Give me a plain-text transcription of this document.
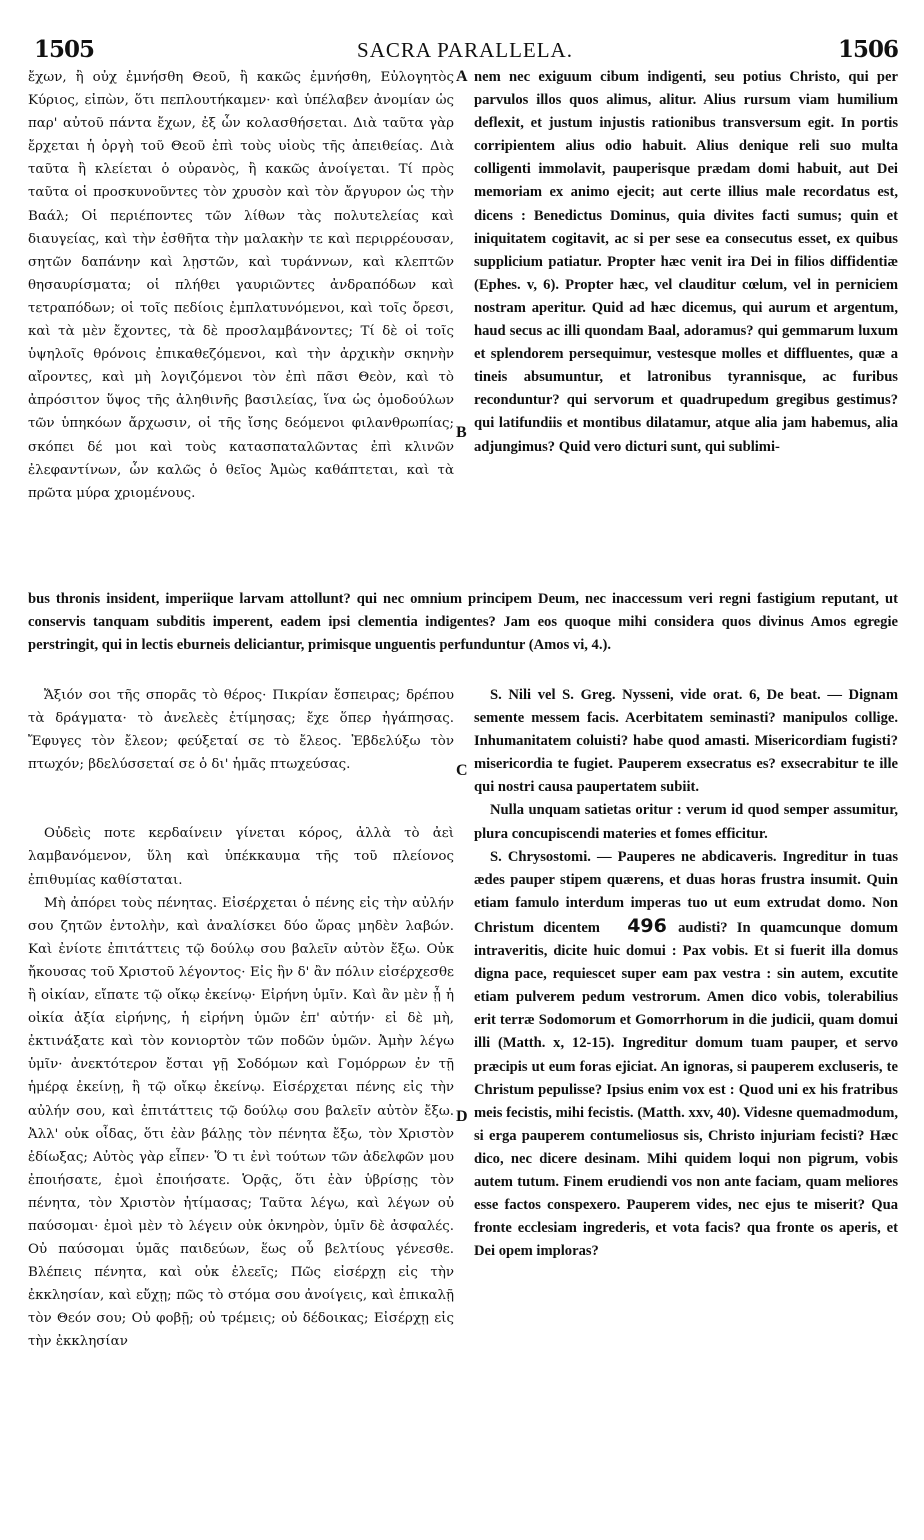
1505	SACRA PARALLELA.	1506

ἔχων, ἢ οὐχ ἐμνήσθη Θεοῦ, ἢ κακῶς ἐμνήσθη, Εὐλογητὸς Κύριος, εἰπὼν, ὅτι πεπλουτήκαμεν· καὶ ὑπέλαβεν ἀνομίαν ὡς παρ' αὐτοῦ πάντα ἔχων, ἐξ ὧν κολασθήσεται. Διὰ ταῦτα γὰρ ἔρχεται ἡ ὀργὴ τοῦ Θεοῦ ἐπὶ τοὺς υἱοὺς τῆς ἀπειθείας. Διὰ ταῦτα ἢ κλείεται ὁ οὐρανὸς, ἢ κακῶς ἀνοίγεται. Τί πρὸς ταῦτα οἱ προσκυνοῦντες τὸν χρυσὸν καὶ τὸν ἄργυρον ὡς τὴν Βαάλ; Οἱ περιέποντες τῶν λίθων τὰς πολυτελείας καὶ διαυγείας, καὶ τὴν ἐσθῆτα τὴν μαλακὴν τε καὶ περιρρέουσαν, σητῶν δαπάνην καὶ λῃστῶν, καὶ τυράννων, καὶ κλεπτῶν θησαυρίσματα; οἱ πλήθει γαυριῶντες ἀνδραπόδων καὶ τετραπόδων; οἱ τοῖς πεδίοις ἐμπλατυνόμενοι, καὶ τοῖς ὄρεσι, καὶ τὰ μὲν ἔχοντες, τὰ δὲ προσλαμβάνοντες; Τί δὲ οἱ τοῖς ὑψηλοῖς θρόνοις ἐπικαθεζόμενοι, καὶ τὴν ἀρχικὴν σκηνὴν αἴροντες, καὶ μὴ λογιζόμενοι τὸν ἐπὶ πᾶσι Θεὸν, καὶ τὸ ἀπρόσιτον ὕψος τῆς ἀληθινῆς βασιλείας, ἵνα ὡς ὁμοδούλων τῶν ὑπηκόων ἄρχωσιν, οἱ τῆς ἴσης δεόμενοι φιλανθρωπίας; σκόπει δέ μοι καὶ τοὺς κατασπαταλῶντας ἐπὶ κλινῶν ἐλεφαντίνων, ὧν καλῶς ὁ θεῖος Ἀμὼς καθάπτεται, καὶ τὰ πρῶτα μύρα χριομένους.

nem nec exiguum cibum indigenti, seu potius Christo, qui per parvulos illos quos alimus, alitur. Alius rursum viam humilium deflexit, et justum injustis rationibus transversum egit. In portis corripientem alius odio habuit. Alius denique reli suo multa colligenti immolavit, pauperisque prædam domi habuit, aut Dei memoriam ex animo ejecit; aut certe illius male recordatus est, dicens : Benedictus Dominus, quia divites facti sumus; quin et iniquitatem cogitavit, ac si per sese ea consecutus esset, ex quibus supplicium patiatur. Propter hæc venit ira Dei in filios diffidentiæ (Ephes. v, 6). Propter hæc, vel clauditur cœlum, vel in perniciem nostram aperitur. Quid ad hæc dicemus, qui aurum et argentum, haud secus ac illi quondam Baal, adoramus? qui gemmarum luxum et splendorem persequimur, vestesque molles et diffluentes, quæ a tineis absumuntur, et latronibus tyrannisque, ac furibus reconduntur? qui servorum et quadrupedum gregibus gestimus? qui latifundiis et montibus dilatamur, atque alia jam habemus, alia adjungimus? Quid vero dicturi sunt, qui sublimi-

bus thronis insident, imperiique larvam attollunt? qui nec omnium principem Deum, nec inaccessum veri regni fastigium reputant, ut conservis tanquam subditis imperent, eadem ipsi clementia indigentes? Jam eos quoque mihi considera quos divinus Amos egregie perstringit, qui in lectis eburneis deliciantur, primisque unguentis perfunduntur (Amos vi, 4.).

Ἄξιόν σοι τῆς σπορᾶς τὸ θέρος· Πικρίαν ἔσπειρας; δρέπου τὰ δράγματα· τὸ ἀνελεὲς ἐτίμησας; ἔχε ὅπερ ἠγάπησας. Ἔφυγες τὸν ἔλεον; φεύξεταί σε τὸ ἔλεος. Ἐβδελύξω τὸν πτωχόν; βδελύσσεταί σε ὁ δι' ἡμᾶς πτωχεύσας.

Οὐδεὶς ποτε κερδαίνειν γίνεται κόρος, ἀλλὰ τὸ ἀεὶ λαμβανόμενον, ὕλη καὶ ὑπέκκαυμα τῆς τοῦ πλείονος ἐπιθυμίας καθίσταται.

Μὴ ἀπόρει τοὺς πένητας. Εἰσέρχεται ὁ πένης εἰς τὴν αὐλήν σου ζητῶν ἐντολὴν, καὶ ἀναλίσκει δύο ὥρας μηδὲν λαβών. Καὶ ἐνίοτε ἐπιτάττεις τῷ δούλῳ σου βαλεῖν αὐτὸν ἔξω. Οὐκ ἤκουσας τοῦ Χριστοῦ λέγοντος· Εἰς ἣν δ' ἂν πόλιν εἰσέρχεσθε ἢ οἰκίαν, εἴπατε τῷ οἴκῳ ἐκείνῳ· Εἰρήνη ὑμῖν. Καὶ ἂν μὲν ᾖ ἡ οἰκία ἀξία εἰρήνης, ἡ εἰρήνη ὑμῶν ἐπ' αὐτήν· εἰ δὲ μὴ, ἐκτινάξατε καὶ τὸν κονιορτὸν τῶν ποδῶν ὑμῶν. Ἀμὴν λέγω ὑμῖν· ἀνεκτότερον ἔσται γῇ Σοδόμων καὶ Γομόρρων ἐν τῇ ἡμέρᾳ ἐκείνῃ, ἢ τῷ οἴκῳ ἐκείνῳ. Εἰσέρχεται πένης εἰς τὴν αὐλήν σου, καὶ ἐπιτάττεις τῷ δούλῳ σου βαλεῖν αὐτὸν ἔξω. Ἀλλ' οὐκ οἶδας, ὅτι ἐὰν βάλῃς τὸν πένητα ἔξω, τὸν Χριστὸν ἐδίωξας; Αὐτὸς γὰρ εἶπεν· Ὅ τι ἐνὶ τούτων τῶν ἀδελφῶν μου ἐποιήσατε, ἐμοὶ ἐποιήσατε. Ὁρᾷς, ὅτι ἐὰν ὑβρίσῃς τὸν πένητα, τὸν Χριστὸν ἠτίμασας; Ταῦτα λέγω, καὶ λέγων οὐ παύσομαι· ἐμοὶ μὲν τὸ λέγειν οὐκ ὀκνηρὸν, ὑμῖν δὲ ἀσφαλές. Οὐ παύσομαι ὑμᾶς παιδεύων, ἕως οὗ βελτίους γένεσθε. Βλέπεις πένητα, καὶ οὐκ ἐλεεῖς; Πῶς εἰσέρχῃ εἰς τὴν ἐκκλησίαν, καὶ εὔχῃ; πῶς τὸ στόμα σου ἀνοίγεις, καὶ ἐπικαλῇ τὸν Θεόν σου; Οὐ φοβῇ; οὐ τρέμεις; οὐ δέδοικας; Εἰσέρχῃ εἰς τὴν ἐκκλησίαν

S. Nili vel S. Greg. Nysseni, vide orat. 6, De beat. — Dignam semente messem facis. Acerbitatem seminasti? manipulos collige. Inhumanitatem coluisti? habe quod amasti. Misericordiam fugisti? misericordia te fugiet. Pauperem exsecratus es? exsecrabitur te ille qui nostri causa paupertatem subiit.

Nulla unquam satietas oritur : verum id quod semper assumitur, plura concupiscendi materies et fomes efficitur.

S. Chrysostomi. — Pauperes ne abdicaveris. Ingreditur in tuas ædes pauper stipem quærens, et duas horas frustra insumit. Quin etiam famulo interdum imperas tuo ut eum extrudat domo. Non Christum dicentem 496 audisti? In quamcunque domum intraveritis, dicite huic domui : Pax vobis. Et si fuerit illa domus digna pace, requiescet super eam pax vestra : sin autem, excutite etiam pulverem pedum vestrorum. Amen dico vobis, tolerabilius erit terræ Sodomorum et Gomorrhorum in die judicii, quam domui illi (Matth. x, 12-15). Ingreditur domum tuam pauper, et servo præcipis ut eum foras ejiciat. An ignoras, si pauperem excluseris, te Christum pepulisse? Ipsius enim vox est : Quod uni ex his fratribus meis fecistis, mihi fecistis. (Matth. xxv, 40). Videsne quemadmodum, si erga pauperem contumeliosus sis, Christo injuriam fecisti? Hæc dico, nec dicere desinam. Mihi quidem loqui non pigrum, vobis autem tutum. Finem erudiendi vos non ante faciam, quam meliores esse factos conspexero. Pauperem vides, nec ejus te miserit? Qua fronte ecclesiam ingrederis, et vota facis? qua fronte os aperis, et Dei opem imploras?

A
B
C
D
